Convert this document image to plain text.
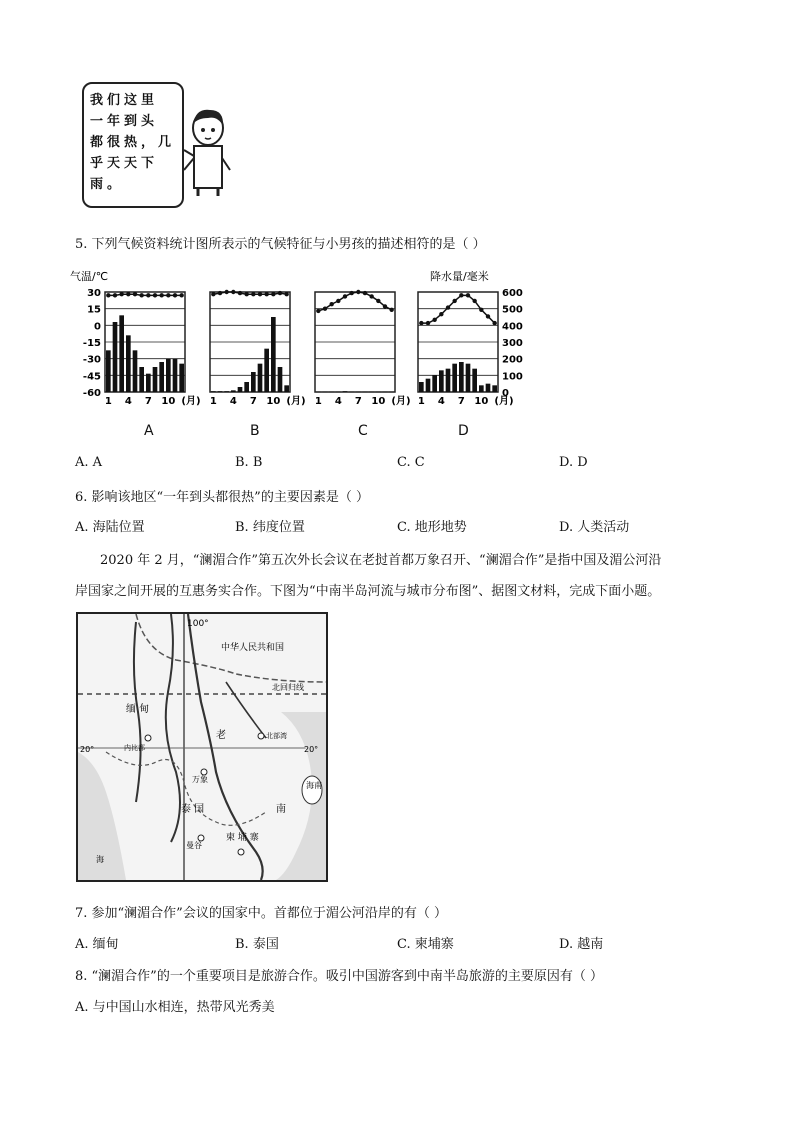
我们这里
一年到头
都很热，几
乎天天下
雨。
5. 下列气候资料统计图所表示的气候特征与小男孩的描述相符的是（ ）
气温/℃
30
15
0
-15
-30
-45
-60
降水量/毫米
600
500
400
300
200
100
0
1 4 7 10 (月) 1 4 7 10 (月) 1 4 7 10 (月) 1 4 7 10 (月)
A	B	C	D
A. A	B. B	C. C	D. D
6. 影响该地区“一年到头都很热”的主要因素是（ ）
A. 海陆位置	B. 纬度位置	C. 地形地势	D. 人类活动
2020 年 2 月，“澜湄合作”第五次外长会议在老挝首都万象召开、“澜湄合作”是指中国及湄公河沿
岸国家之间开展的互惠务实合作。下图为“中南半岛河流与城市分布图”、据图文材料，完成下面小题。
100°
中华人民共和国
北回归线
20°	20°
缅 甸
内比都
老	北部湾
万象
泰 国
曼谷
柬 埔 寨
南
海南
海
7. 参加“澜湄合作”会议的国家中。首都位于湄公河沿岸的有（ ）
A. 缅甸	B. 泰国	C. 柬埔寨	D. 越南
8. “澜湄合作”的一个重要项目是旅游合作。吸引中国游客到中南半岛旅游的主要原因有（ ）
A. 与中国山水相连，热带风光秀美
